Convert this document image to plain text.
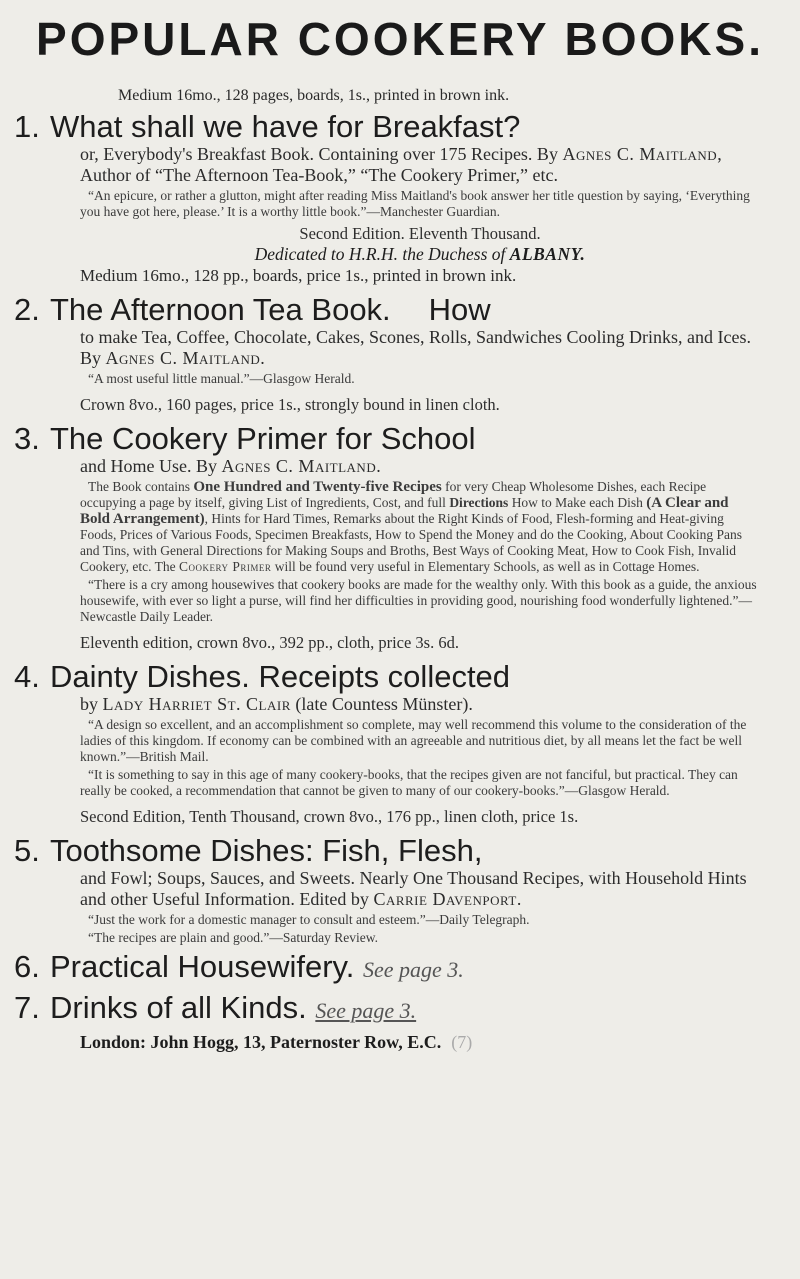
POPULAR COOKERY BOOKS.
Medium 16mo., 128 pages, boards, 1s., printed in brown ink.
1. What shall we have for Breakfast?
or, Everybody's Breakfast Book. Containing over 175 Recipes. By Agnes C. Maitland, Author of “The Afternoon Tea-Book,” “The Cookery Primer,” etc.
“An epicure, or rather a glutton, might after reading Miss Maitland's book answer her title question by saying, ‘Everything you have got here, please.’ It is a worthy little book.”—Manchester Guardian.
Second Edition. Eleventh Thousand.
Dedicated to H.R.H. the Duchess of ALBANY.
Medium 16mo., 128 pp., boards, price 1s., printed in brown ink.
2. The Afternoon Tea Book. How
to make Tea, Coffee, Chocolate, Cakes, Scones, Rolls, Sandwiches Cooling Drinks, and Ices. By Agnes C. Maitland.
“A most useful little manual.”—Glasgow Herald.
Crown 8vo., 160 pages, price 1s., strongly bound in linen cloth.
3. The Cookery Primer for School
and Home Use. By Agnes C. Maitland.
The Book contains One Hundred and Twenty-five Recipes for very Cheap Wholesome Dishes, each Recipe occupying a page by itself, giving List of Ingredients, Cost, and full Directions How to Make each Dish (A Clear and Bold Arrangement), Hints for Hard Times, Remarks about the Right Kinds of Food, Flesh-forming and Heat-giving Foods, Prices of Various Foods, Specimen Breakfasts, How to Spend the Money and do the Cooking, About Cooking Pans and Tins, with General Directions for Making Soups and Broths, Best Ways of Cooking Meat, How to Cook Fish, Invalid Cookery, etc. The Cookery Primer will be found very useful in Elementary Schools, as well as in Cottage Homes.
“There is a cry among housewives that cookery books are made for the wealthy only. With this book as a guide, the anxious housewife, with ever so light a purse, will find her difficulties in providing good, nourishing food wonderfully lightened.”—Newcastle Daily Leader.
Eleventh edition, crown 8vo., 392 pp., cloth, price 3s. 6d.
4. Dainty Dishes. Receipts collected
by Lady Harriet St. Clair (late Countess Münster).
“A design so excellent, and an accomplishment so complete, may well recommend this volume to the consideration of the ladies of this kingdom. If economy can be combined with an agreeable and nutritious diet, by all means let the fact be well known.”—British Mail.
“It is something to say in this age of many cookery-books, that the recipes given are not fanciful, but practical. They can really be cooked, a recommendation that cannot be given to many of our cookery-books.”—Glasgow Herald.
Second Edition, Tenth Thousand, crown 8vo., 176 pp., linen cloth, price 1s.
5. Toothsome Dishes: Fish, Flesh,
and Fowl; Soups, Sauces, and Sweets. Nearly One Thousand Recipes, with Household Hints and other Useful Information. Edited by Carrie Davenport.
“Just the work for a domestic manager to consult and esteem.”—Daily Telegraph.
“The recipes are plain and good.”—Saturday Review.
6. Practical Housewifery. See page 3.
7. Drinks of all Kinds. See page 3.
London: John Hogg, 13, Paternoster Row, E.C. (7)
